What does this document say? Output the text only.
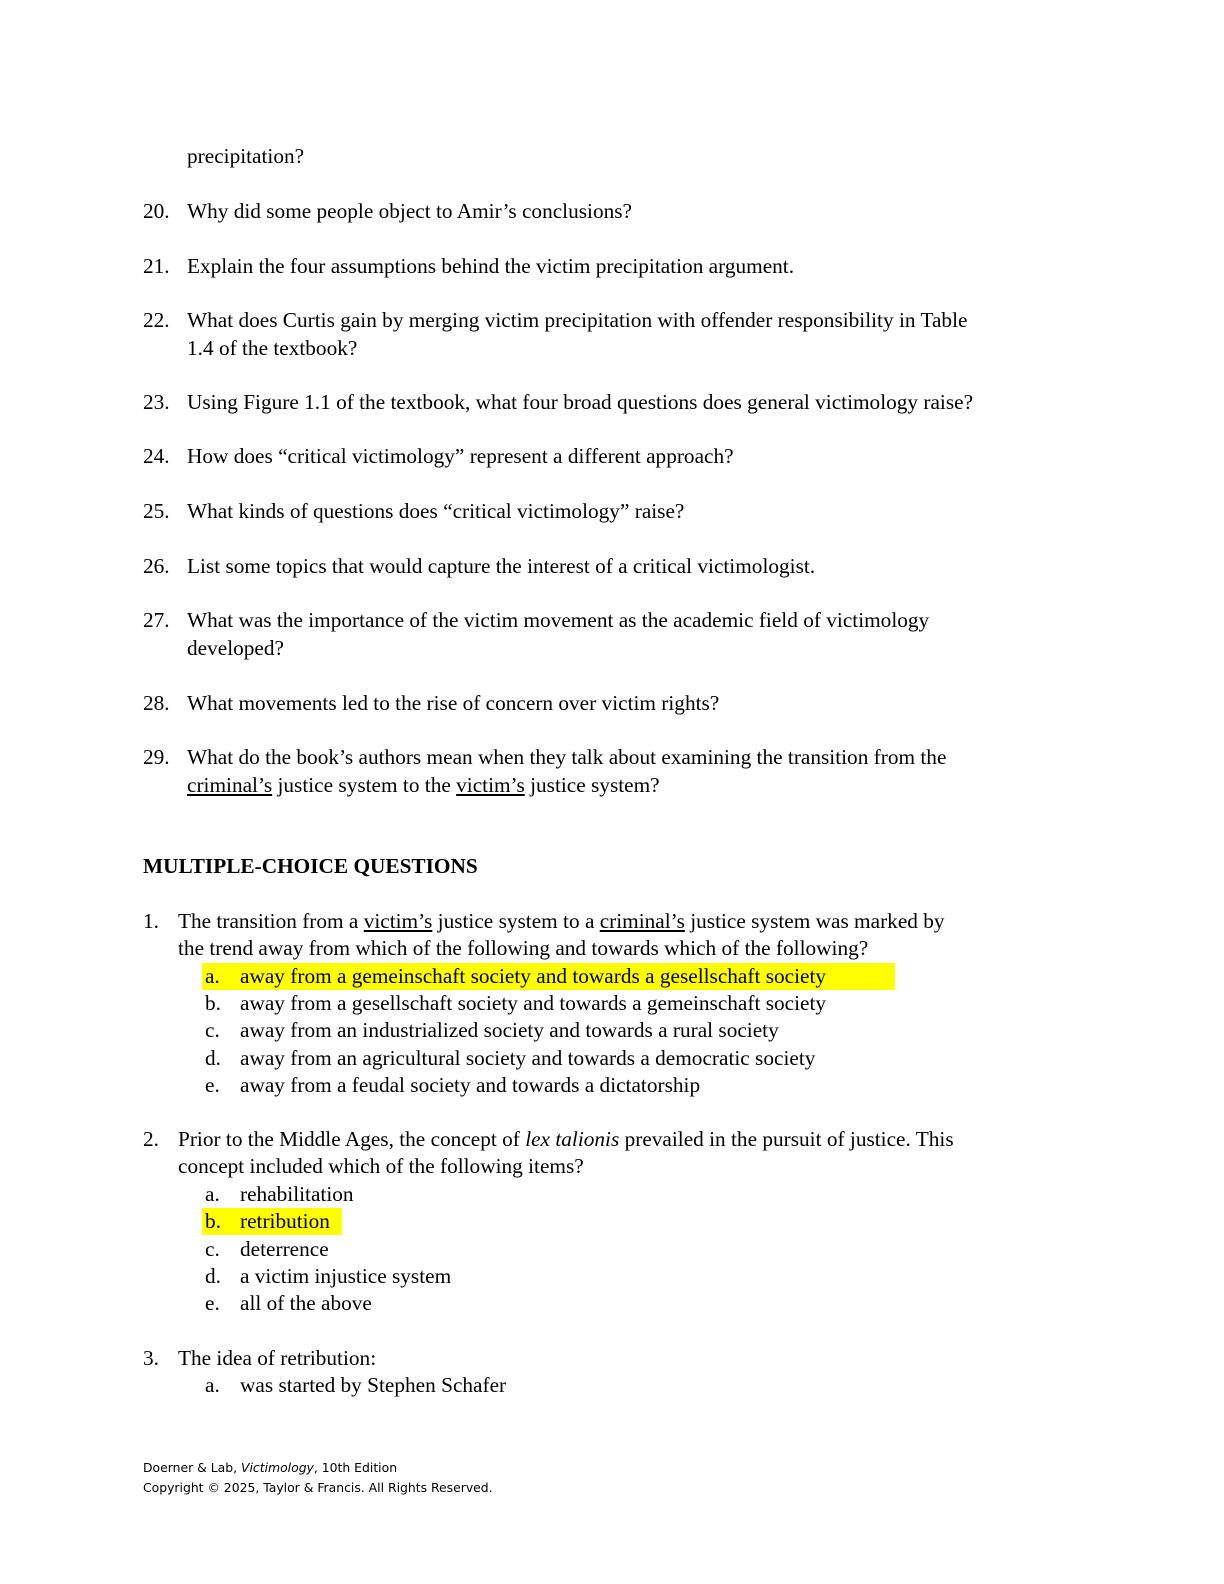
precipitation?
20. Why did some people object to Amir’s conclusions?
21. Explain the four assumptions behind the victim precipitation argument.
22. What does Curtis gain by merging victim precipitation with offender responsibility in Table
1.4 of the textbook?
23. Using Figure 1.1 of the textbook, what four broad questions does general victimology raise?
24. How does “critical victimology” represent a different approach?
25. What kinds of questions does “critical victimology” raise?
26. List some topics that would capture the interest of a critical victimologist.
27. What was the importance of the victim movement as the academic field of victimology
developed?
28. What movements led to the rise of concern over victim rights?
29. What do the book’s authors mean when they talk about examining the transition from the
criminal’s justice system to the victim’s justice system?
MULTIPLE-CHOICE QUESTIONS
1. The transition from a victim’s justice system to a criminal’s justice system was marked by
the trend away from which of the following and towards which of the following?
a. away from a gemeinschaft society and towards a gesellschaft society
b. away from a gesellschaft society and towards a gemeinschaft society
c. away from an industrialized society and towards a rural society
d. away from an agricultural society and towards a democratic society
e. away from a feudal society and towards a dictatorship
2. Prior to the Middle Ages, the concept of lex talionis prevailed in the pursuit of justice. This
concept included which of the following items?
a. rehabilitation
b. retribution
c. deterrence
d. a victim injustice system
e. all of the above
3. The idea of retribution:
a. was started by Stephen Schafer
Doerner & Lab, Victimology, 10th Edition
Copyright © 2025, Taylor & Francis. All Rights Reserved.
